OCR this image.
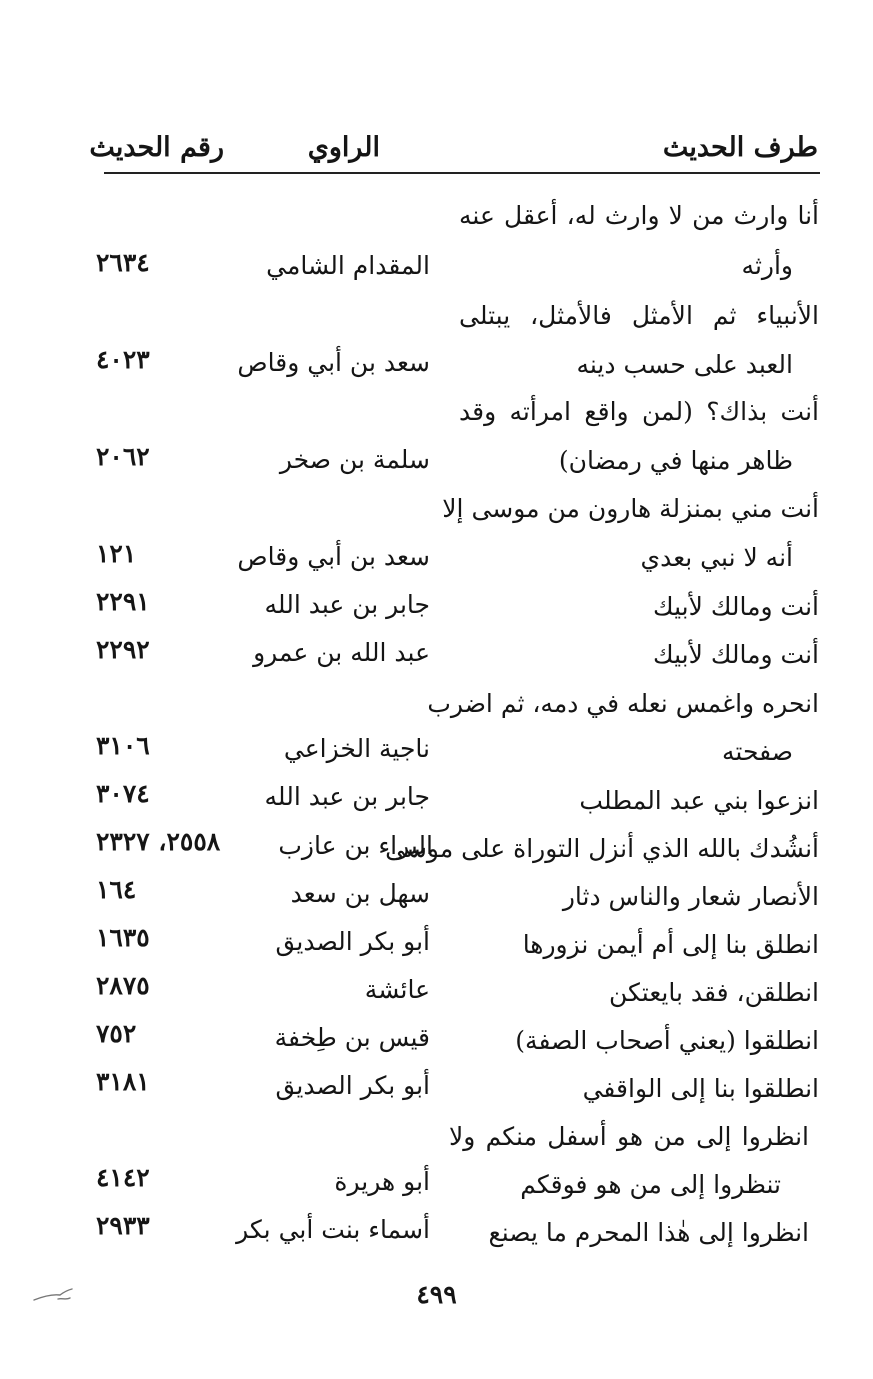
طرف الحديث
الراوي
رقم الحديث
أنا وارث من لا وارث له، أعقل عنه
وأرثه
المقدام الشامي
٢٦٣٤
الأنبياء ثم الأمثل فالأمثل، يبتلى
العبد على حسب دينه
سعد بن أبي وقاص
٤٠٢٣
أنت بذاك؟ (لمن واقع امرأته وقد
ظاهر منها في رمضان)
سلمة بن صخر
٢٠٦٢
أنت مني بمنزلة هارون من موسى إلا
أنه لا نبي بعدي
سعد بن أبي وقاص
١٢١
أنت ومالك لأبيك
جابر بن عبد الله
٢٢٩١
أنت ومالك لأبيك
عبد الله بن عمرو
٢٢٩٢
انحره واغمس نعله في دمه، ثم اضرب
صفحته
ناجية الخزاعي
٣١٠٦
انزعوا بني عبد المطلب
جابر بن عبد الله
٣٠٧٤
أنشُدك بالله الذي أنزل التوراة على موسى
البراء بن عازب
٢٥٥٨، ٢٣٢٧
الأنصار شعار والناس دثار
سهل بن سعد
١٦٤
انطلق بنا إلى أم أيمن نزورها
أبو بكر الصديق
١٦٣٥
انطلقن، فقد بايعتكن
عائشة
٢٨٧٥
انطلقوا (يعني أصحاب الصفة)
قيس بن طِخفة
٧٥٢
انطلقوا بنا إلى الواقفي
أبو بكر الصديق
٣١٨١
انظروا إلى من هو أسفل منكم ولا
تنظروا إلى من هو فوقكم
أبو هريرة
٤١٤٢
انظروا إلى هٰذا المحرم ما يصنع
أسماء بنت أبي بكر
٢٩٣٣
٤٩٩
